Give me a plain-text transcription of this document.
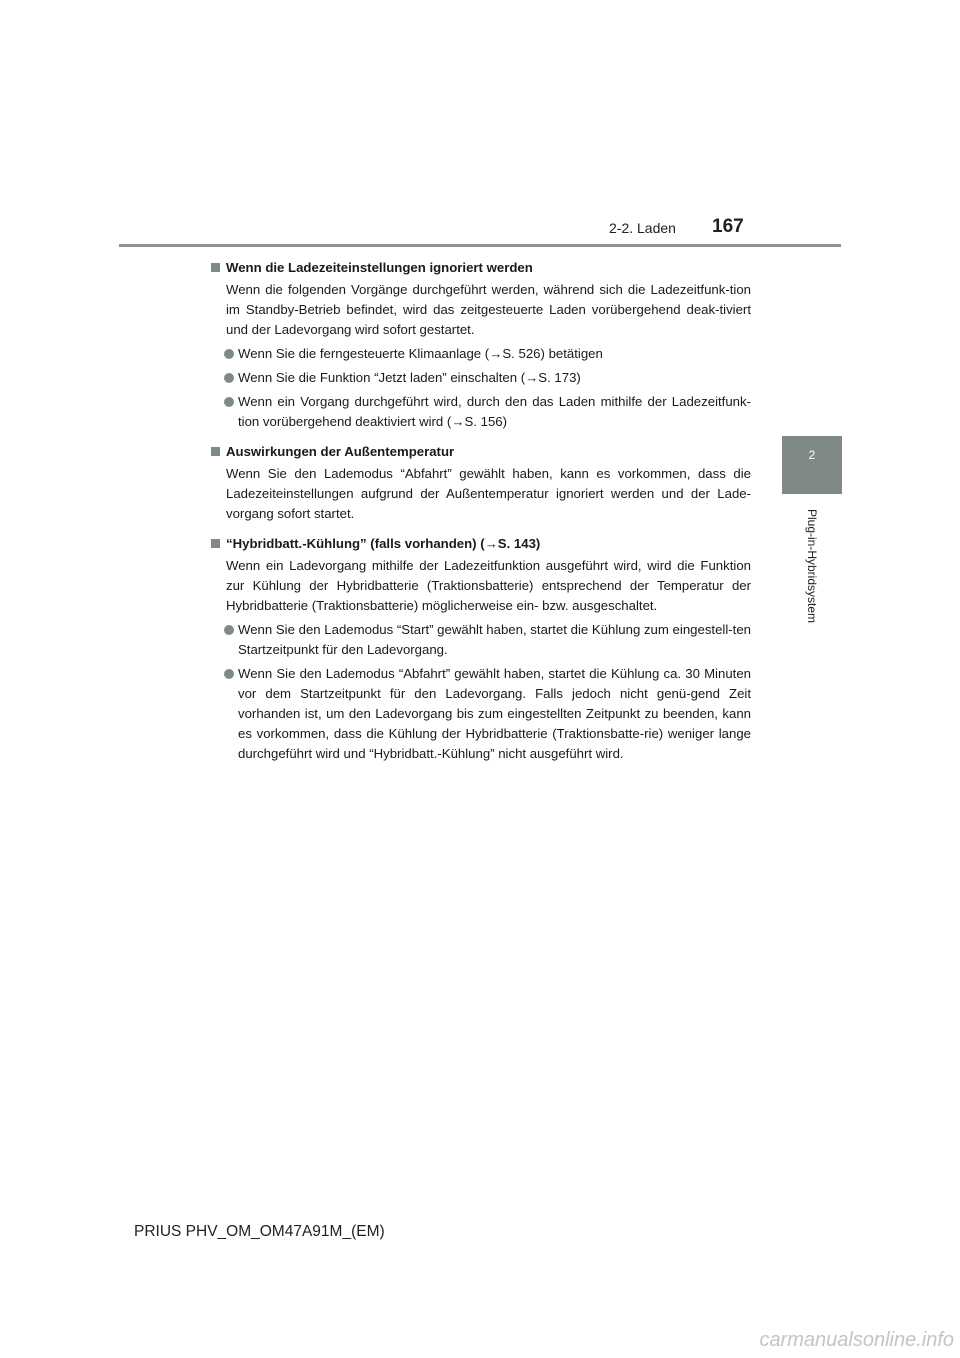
2-2. Laden 167
2
Plug-in-Hybridsystem
Wenn die Ladezeiteinstellungen ignoriert werden
Wenn die folgenden Vorgänge durchgeführt werden, während sich die Ladezeitfunk-tion im Standby-Betrieb befindet, wird das zeitgesteuerte Laden vorübergehend deak-tiviert und der Ladevorgang wird sofort gestartet.
Wenn Sie die ferngesteuerte Klimaanlage (→S. 526) betätigen
Wenn Sie die Funktion “Jetzt laden” einschalten (→S. 173)
Wenn ein Vorgang durchgeführt wird, durch den das Laden mithilfe der Ladezeitfunk-tion vorübergehend deaktiviert wird (→S. 156)
Auswirkungen der Außentemperatur
Wenn Sie den Lademodus “Abfahrt” gewählt haben, kann es vorkommen, dass die Ladezeiteinstellungen aufgrund der Außentemperatur ignoriert werden und der Lade-vorgang sofort startet.
“Hybridbatt.-Kühlung” (falls vorhanden) (→S. 143)
Wenn ein Ladevorgang mithilfe der Ladezeitfunktion ausgeführt wird, wird die Funktion zur Kühlung der Hybridbatterie (Traktionsbatterie) entsprechend der Temperatur der Hybridbatterie (Traktionsbatterie) möglicherweise ein- bzw. ausgeschaltet.
Wenn Sie den Lademodus “Start” gewählt haben, startet die Kühlung zum eingestell-ten Startzeitpunkt für den Ladevorgang.
Wenn Sie den Lademodus “Abfahrt” gewählt haben, startet die Kühlung ca. 30 Minuten vor dem Startzeitpunkt für den Ladevorgang. Falls jedoch nicht genü-gend Zeit vorhanden ist, um den Ladevorgang bis zum eingestellten Zeitpunkt zu beenden, kann es vorkommen, dass die Kühlung der Hybridbatterie (Traktionsbatte-rie) weniger lange durchgeführt wird und “Hybridbatt.-Kühlung” nicht ausgeführt wird.
PRIUS PHV_OM_OM47A91M_(EM)
carmanualsonline.info
